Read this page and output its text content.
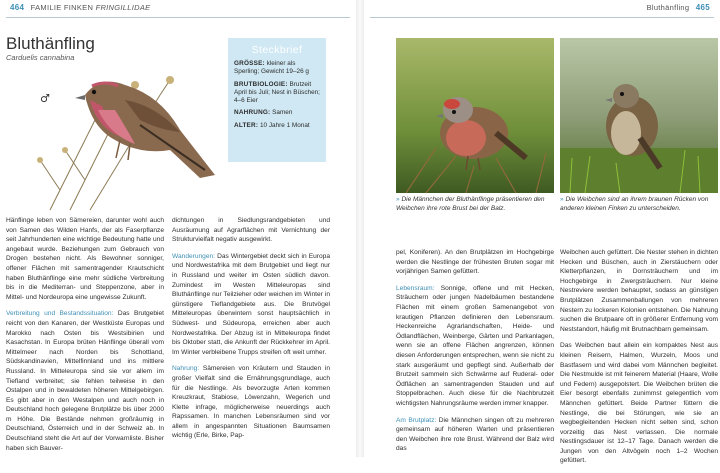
464 FAMILIE FINKEN FRINGILLIDAE
Bluthänfling
Carduelis cannabina
♂
Steckbrief
GRÖSSE: kleiner als Sperling; Gewicht 19–26 g
BRUTBIOLOGIE: Brutzeit April bis Juli; Nest in Büschen; 4–6 Eier
NAHRUNG: Samen
ALTER: 10 Jahre 1 Monat

Hänflinge leben von Sämereien, darunter wohl auch von Samen des Wilden Hanfs, der als Faserpflanze seit Jahrhunderten eine wichtige Bedeutung hatte und angebaut wurde. Beziehungen zum Gebrauch von Drogen bestehen nicht. Als Bewohner sonniger, offener Flächen mit samentragender Krautschicht haben Bluthänflinge eine mehr südliche Verbreitung bis in die Mediterran- und Steppenzone, aber in Mittel- und Nordeuropa eine ungewisse Zukunft.

Verbreitung und Bestandssituation: Das Brutgebiet reicht von den Kanaren, der Westküste Europas und Marokko nach Osten bis Westsibirien und Kasachstan. In Europa brüten Hänflinge überall vom Mittelmeer nach Norden bis Schottland, Südskandinavien, Mittelfinnland und ins mittlere Russland. In Mitteleuropa sind sie vor allem im Tiefland verbreitet; sie fehlen teilweise in den Ostalpen und in bewaldeten höheren Mittelgebirgen. Es gibt aber in den Westalpen und auch noch in Deutschland hoch gelegene Brutplätze bis über 2000 m Höhe. Die Bestände nehmen großräumig in Deutschland, Österreich und in der Schweiz ab. In Deutschland steht die Art auf der Vorwarnliste. Bisher haben sich Bauver-

dichtungen in Siedlungsrandgebieten und Ausräumung auf Agrarflächen mit Vernichtung der Strukturvielfalt negativ ausgewirkt.

Wanderungen: Das Wintergebiet deckt sich in Europa und Nordwestafrika mit dem Brutgebiet und liegt nur in Russland und weiter im Osten südlich davon. Zumindest im Westen Mitteleuropas sind Bluthänflinge nur Teilzieher oder weichen im Winter in günstigere Tieflandgebiete aus. Die Brutvögel Mitteleuropas überwintern sonst hauptsächlich in Südwest- und Südeuropa, erreichen aber auch Nordwestafrika. Der Abzug ist in Mitteleuropa findet bis Oktober statt, die Ankunft der Rückkehrer im April. Im Winter verbleibene Trupps streifen oft weit umher.

Nahrung: Sämereien von Kräutern und Stauden in großer Vielfalt sind die Ernährungsgrundlage, auch für die Nestlinge. Als bevorzugte Arten kommen Kreuzkraut, Stabiose, Löwenzahn, Wegerich und Klette infrage, möglicherweise neuerdings auch Rapssamen. In manchen Lebensräumen sind vor allem in angespannten Situationen Baumsamen wichtig (Erle, Birke, Pap-

Bluthänfling 465
» Die Männchen der Bluthänflinge präsentieren den Weibchen ihre rote Brust bei der Balz.
» Die Weibchen sind an ihrem braunen Rücken von anderen kleinen Finken zu unterscheiden.

pel, Koniferen). An den Brutplätzen im Hochgebirge werden die Nestlinge der frühesten Bruten sogar mit vorjährigen Samen gefüttert.

Lebensraum: Sonnige, offene und mit Hecken, Sträuchern oder jungen Nadelbäumen bestandene Flächen mit einem großen Samenangebot von krautigen Pflanzen definieren den Lebensraum. Heckenreiche Agrarlandschaften, Heide- und Ödlandflächen, Weinberge, Gärten und Parkanlagen, wenn sie an offene Flächen angrenzen, können diesen Anforderungen entsprechen, wenn sie nicht zu stark ausgeräumt und gepflegt sind. Außerhalb der Brutzeit sammeln sich Schwärme auf Ruderal- oder Ödflächen an samentragenden Stauden und auf Stoppelbrachen. Auch diese für die Nachbrutzeit wichtigsten Nahrungsräume werden immer knapper.

Am Brutplatz: Die Männchen singen oft zu mehreren gemeinsam auf höheren Warten und präsentieren den Weibchen ihre rote Brust. Während der Balz wird das

Weibchen auch gefüttert. Die Nester stehen in dichten Hecken und Büschen, auch in Zierstäuchern oder Kletterpflanzen, in Dornsträuchern und im Hochgebirge in Zwergsträuchern. Nur kleine Nestreviere werden behauptet, sodass an günstigen Brutplätzen Zusammenballungen von mehreren Nestern zu lockeren Kolonien entstehen. Die Nahrung suchen die Brutpaare oft in größerer Entfernung vom Neststandort, häufig mit Brutnachbarn gemeinsam.

Das Weibchen baut allein ein kompaktes Nest aus kleinen Reisern, Halmen, Wurzeln, Moos und Bastfasern und wird dabei vom Männchen begleitet. Die Nestmulde ist mit feinerem Material (Haare, Wolle und Federn) ausgepolstert. Die Weibchen brüten die Eier besorgt ebenfalls zunimmst gelegentlich vom Männchen gefüttert. Beide Partner füttern die Nestlinge, die bei Störungen, wie sie an wegbegleitenden Hecken nicht selten sind, schon vorzeitig das Nest verlassen. Die normale Nestlingsdauer ist 12–17 Tage. Danach werden die Jungen von den Altvögeln noch 1–2 Wochen gefüttert.
